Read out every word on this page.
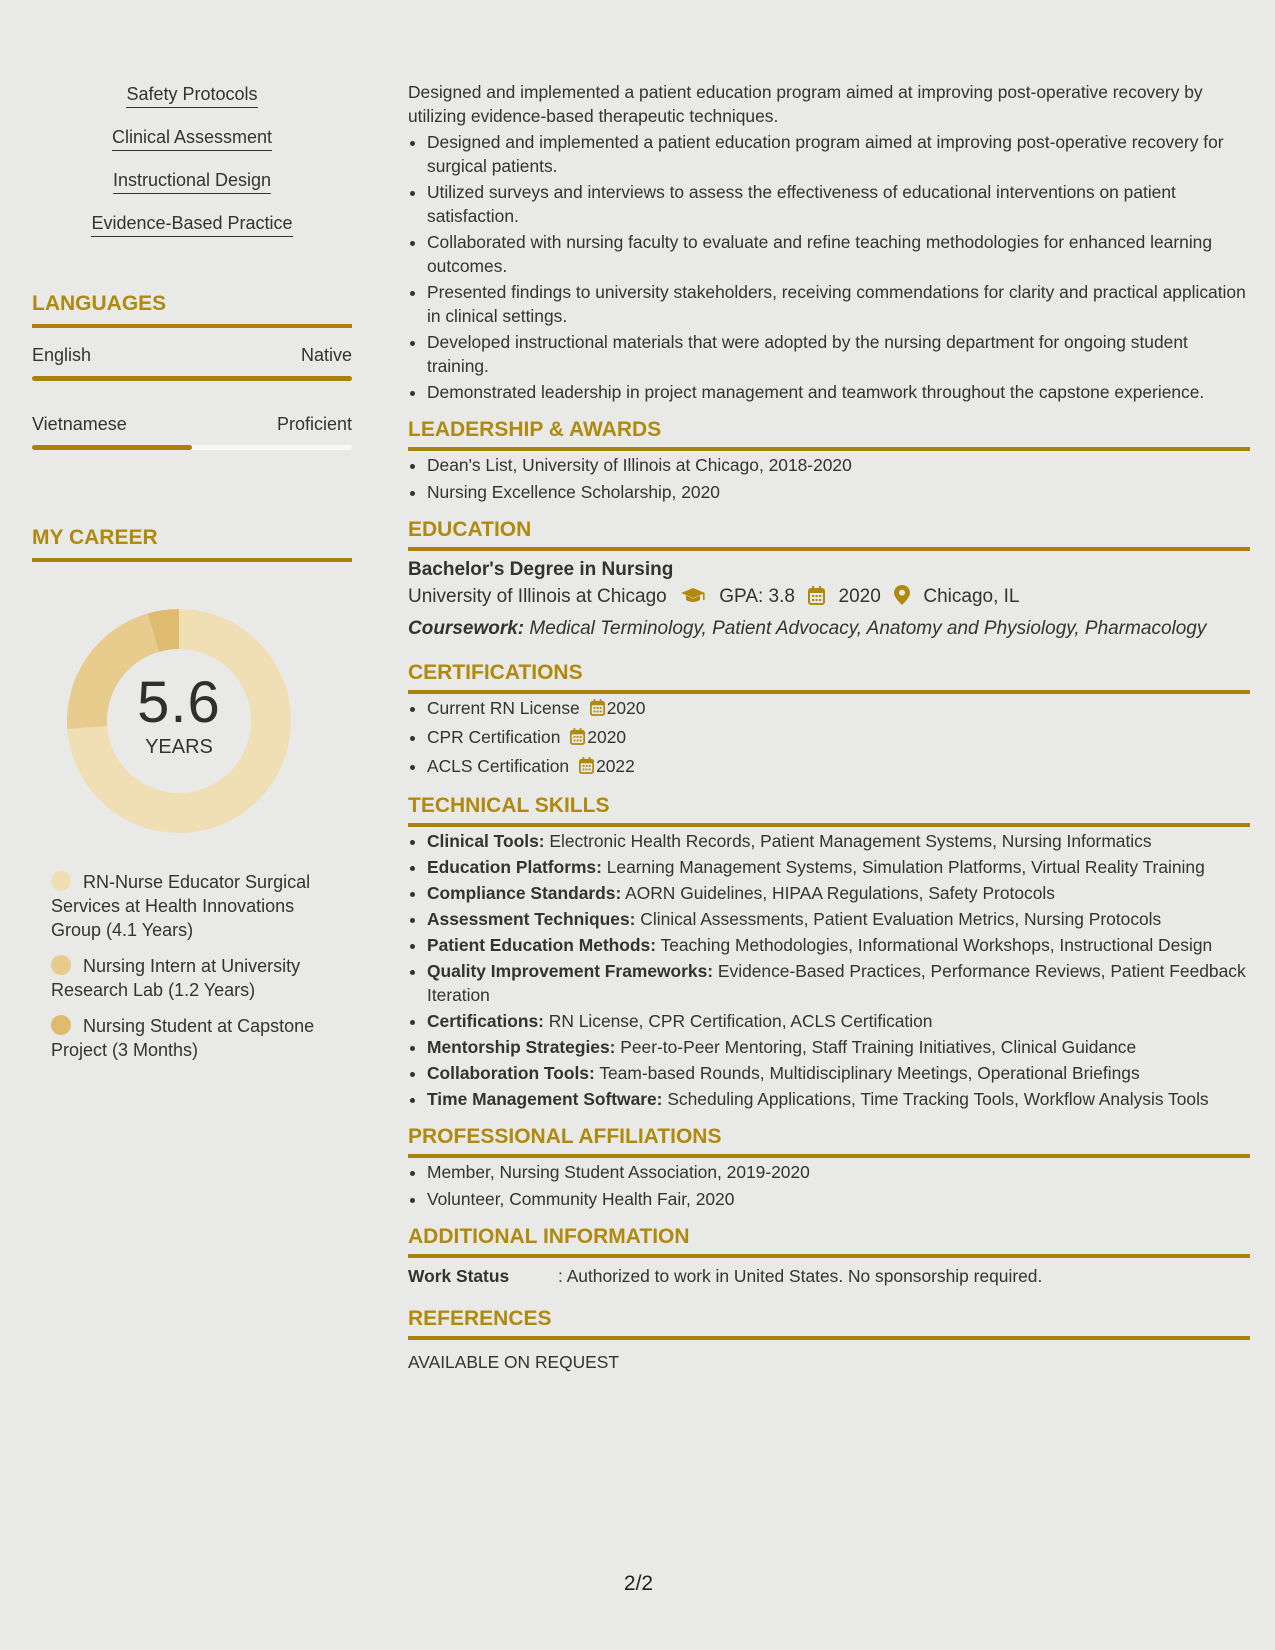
Safety Protocols
Clinical Assessment
Instructional Design
Evidence-Based Practice
LANGUAGES
English	Native
Vietnamese	Proficient
MY CAREER
5.6
YEARS
RN-Nurse Educator Surgical Services at Health Innovations Group (4.1 Years)
Nursing Intern at University Research Lab (1.2 Years)
Nursing Student at Capstone Project (3 Months)

Designed and implemented a patient education program aimed at improving post-operative recovery by utilizing evidence-based therapeutic techniques.

• Designed and implemented a patient education program aimed at improving post-operative recovery for surgical patients.
• Utilized surveys and interviews to assess the effectiveness of educational interventions on patient satisfaction.
• Collaborated with nursing faculty to evaluate and refine teaching methodologies for enhanced learning outcomes.
• Presented findings to university stakeholders, receiving commendations for clarity and practical application in clinical settings.
• Developed instructional materials that were adopted by the nursing department for ongoing student training.
• Demonstrated leadership in project management and teamwork throughout the capstone experience.
LEADERSHIP & AWARDS
• Dean's List, University of Illinois at Chicago, 2018-2020
• Nursing Excellence Scholarship, 2020
EDUCATION
Bachelor's Degree in Nursing
University of Illinois at Chicago	GPA: 3.8 2020 Chicago, IL
Coursework: Medical Terminology, Patient Advocacy, Anatomy and Physiology, Pharmacology
CERTIFICATIONS
• Current RN License 2020
• CPR Certification 2020
• ACLS Certification 2022
TECHNICAL SKILLS
• Clinical Tools: Electronic Health Records, Patient Management Systems, Nursing Informatics
• Education Platforms: Learning Management Systems, Simulation Platforms, Virtual Reality Training
• Compliance Standards: AORN Guidelines, HIPAA Regulations, Safety Protocols
• Assessment Techniques: Clinical Assessments, Patient Evaluation Metrics, Nursing Protocols
• Patient Education Methods: Teaching Methodologies, Informational Workshops, Instructional Design
• Quality Improvement Frameworks: Evidence-Based Practices, Performance Reviews, Patient Feedback Iteration
• Certifications: RN License, CPR Certification, ACLS Certification
• Mentorship Strategies: Peer-to-Peer Mentoring, Staff Training Initiatives, Clinical Guidance
• Collaboration Tools: Team-based Rounds, Multidisciplinary Meetings, Operational Briefings
• Time Management Software: Scheduling Applications, Time Tracking Tools, Workflow Analysis Tools
PROFESSIONAL AFFILIATIONS
• Member, Nursing Student Association, 2019-2020
• Volunteer, Community Health Fair, 2020
ADDITIONAL INFORMATION
Work Status	: Authorized to work in United States. No sponsorship required.
REFERENCES
AVAILABLE ON REQUEST
2/2
